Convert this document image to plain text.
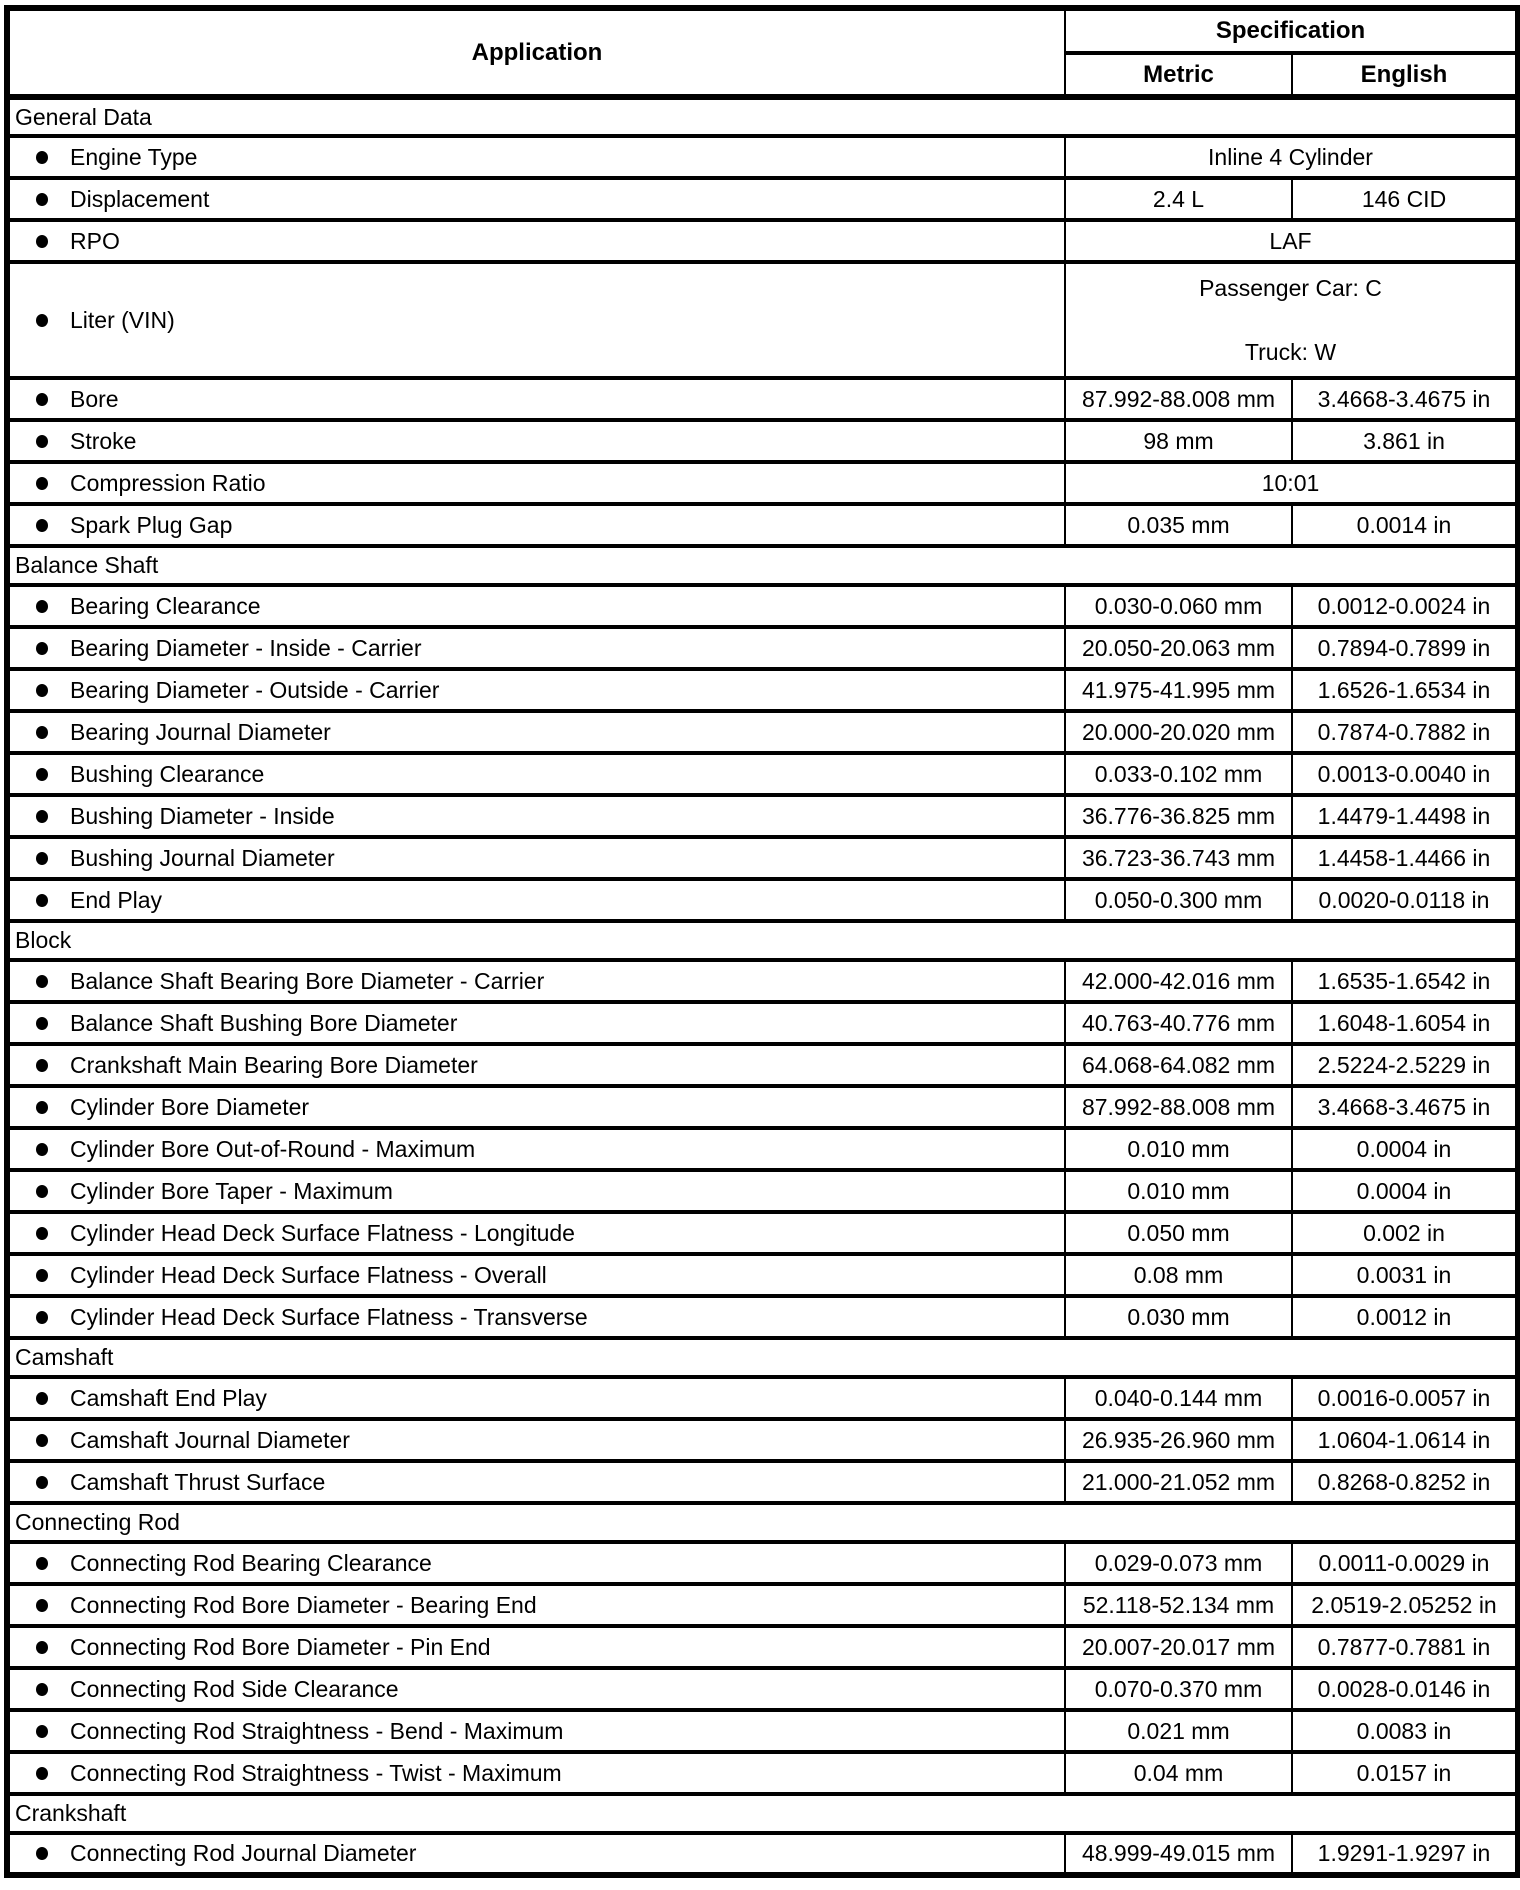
Application	Specification	
	Metric	English
General Data		

Engine Type	Inline 4 Cylinder	

Displacement	2.4 L	146 CID

RPO	LAF	

Liter (VIN)	Passenger Car: C
Truck: W	

Bore	87.992-88.008 mm	3.4668-3.4675 in

Stroke	98 mm	3.861 in

Compression Ratio	10:01	

Spark Plug Gap	0.035 mm	0.0014 in
Balance Shaft		

Bearing Clearance	0.030-0.060 mm	0.0012-0.0024 in

Bearing Diameter - Inside - Carrier	20.050-20.063 mm	0.7894-0.7899 in

Bearing Diameter - Outside - Carrier	41.975-41.995 mm	1.6526-1.6534 in

Bearing Journal Diameter	20.000-20.020 mm	0.7874-0.7882 in

Bushing Clearance	0.033-0.102 mm	0.0013-0.0040 in

Bushing Diameter - Inside	36.776-36.825 mm	1.4479-1.4498 in

Bushing Journal Diameter	36.723-36.743 mm	1.4458-1.4466 in

End Play	0.050-0.300 mm	0.0020-0.0118 in
Block		

Balance Shaft Bearing Bore Diameter - Carrier	42.000-42.016 mm	1.6535-1.6542 in

Balance Shaft Bushing Bore Diameter	40.763-40.776 mm	1.6048-1.6054 in

Crankshaft Main Bearing Bore Diameter	64.068-64.082 mm	2.5224-2.5229 in

Cylinder Bore Diameter	87.992-88.008 mm	3.4668-3.4675 in

Cylinder Bore Out-of-Round - Maximum	0.010 mm	0.0004 in

Cylinder Bore Taper - Maximum	0.010 mm	0.0004 in

Cylinder Head Deck Surface Flatness - Longitude	0.050 mm	0.002 in

Cylinder Head Deck Surface Flatness - Overall	0.08 mm	0.0031 in

Cylinder Head Deck Surface Flatness - Transverse	0.030 mm	0.0012 in
Camshaft		

Camshaft End Play	0.040-0.144 mm	0.0016-0.0057 in

Camshaft Journal Diameter	26.935-26.960 mm	1.0604-1.0614 in

Camshaft Thrust Surface	21.000-21.052 mm	0.8268-0.8252 in
Connecting Rod		

Connecting Rod Bearing Clearance	0.029-0.073 mm	0.0011-0.0029 in

Connecting Rod Bore Diameter - Bearing End	52.118-52.134 mm	2.0519-2.05252 in

Connecting Rod Bore Diameter - Pin End	20.007-20.017 mm	0.7877-0.7881 in

Connecting Rod Side Clearance	0.070-0.370 mm	0.0028-0.0146 in

Connecting Rod Straightness - Bend - Maximum	0.021 mm	0.0083 in

Connecting Rod Straightness - Twist - Maximum	0.04 mm	0.0157 in
Crankshaft		

Connecting Rod Journal Diameter	48.999-49.015 mm	1.9291-1.9297 in
